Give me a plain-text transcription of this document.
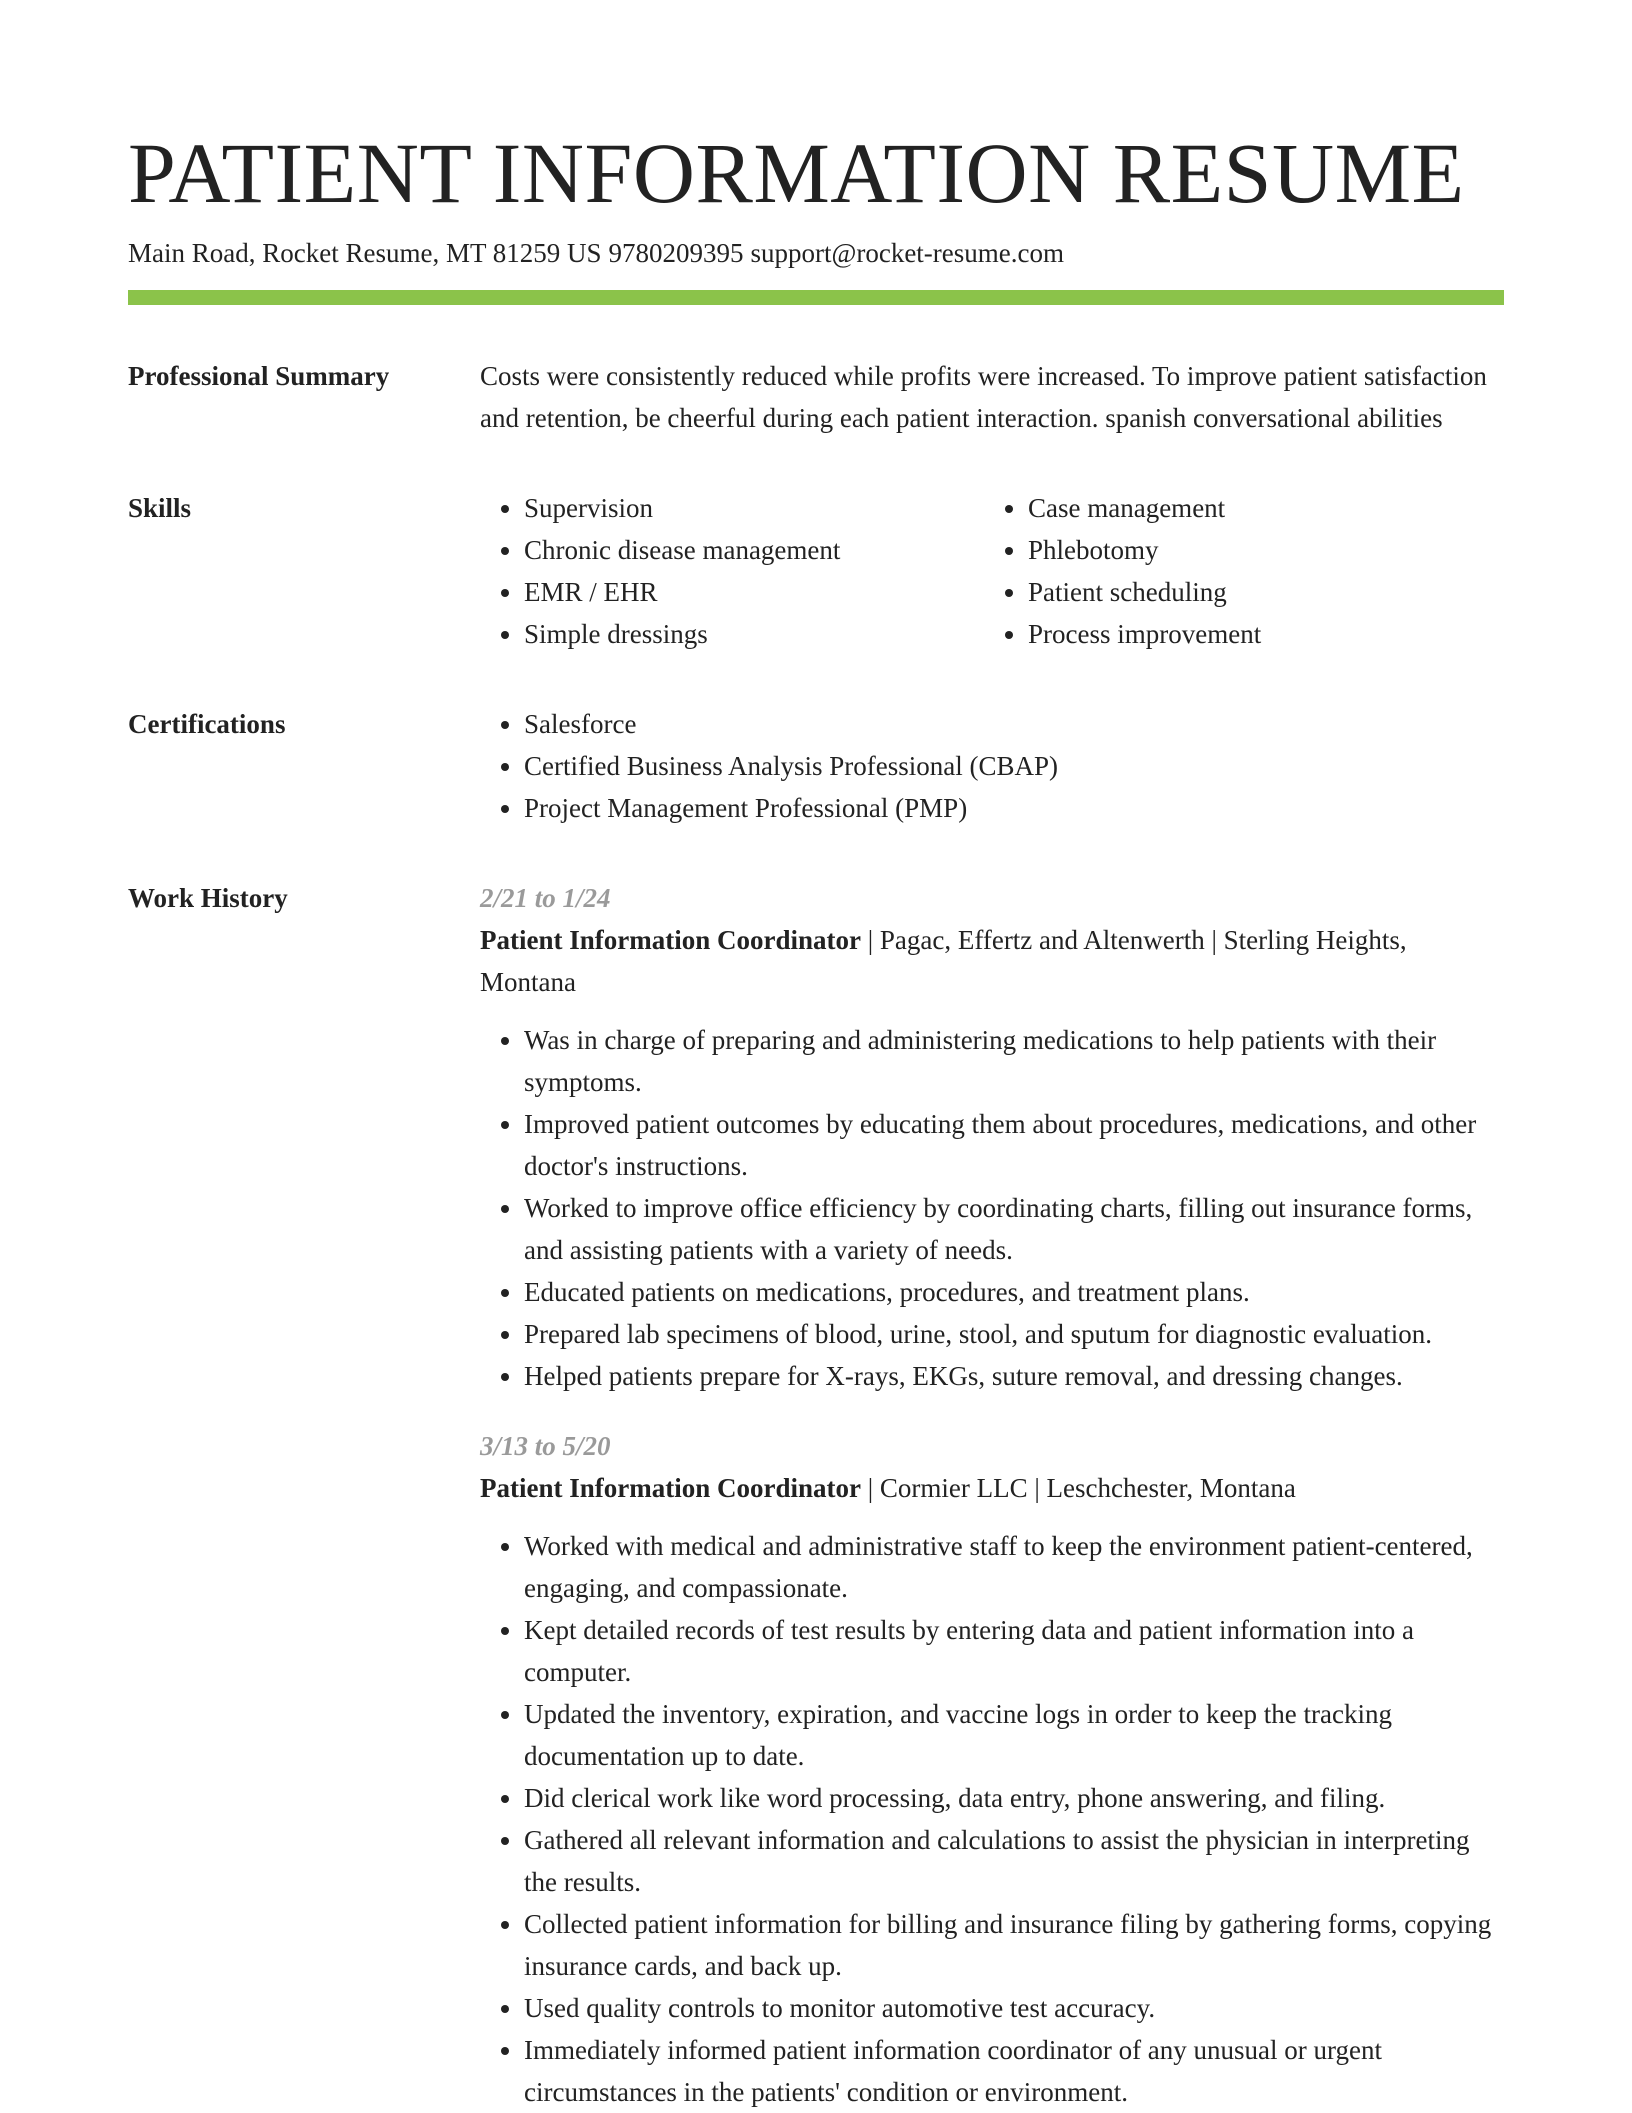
PATIENT INFORMATION RESUME
Main Road, Rocket Resume, MT 81259 US 9780209395 support@rocket-resume.com
Professional Summary	Costs were consistently reduced while profits were increased. To improve patient satisfaction and retention, be cheerful during each patient interaction. spanish conversational abilities

Skills	• Supervision
• Chronic disease management
• EMR / EHR
• Simple dressings
• Case management
• Phlebotomy
• Patient scheduling
• Process improvement
Certifications	• Salesforce
• Certified Business Analysis Professional (CBAP)
• Project Management Professional (PMP)
Work History	2/21 to 1/24
Patient Information Coordinator | Pagac, Effertz and Altenwerth | Sterling Heights, Montana
• Was in charge of preparing and administering medications to help patients with their symptoms.
• Improved patient outcomes by educating them about procedures, medications, and other doctor's instructions.
• Worked to improve office efficiency by coordinating charts, filling out insurance forms, and assisting patients with a variety of needs.
• Educated patients on medications, procedures, and treatment plans.
• Prepared lab specimens of blood, urine, stool, and sputum for diagnostic evaluation.
• Helped patients prepare for X-rays, EKGs, suture removal, and dressing changes.
3/13 to 5/20
Patient Information Coordinator | Cormier LLC | Leschchester, Montana
• Worked with medical and administrative staff to keep the environment patient-centered, engaging, and compassionate.
• Kept detailed records of test results by entering data and patient information into a computer.
• Updated the inventory, expiration, and vaccine logs in order to keep the tracking documentation up to date.
• Did clerical work like word processing, data entry, phone answering, and filing.
• Gathered all relevant information and calculations to assist the physician in interpreting the results.
• Collected patient information for billing and insurance filing by gathering forms, copying insurance cards, and back up.
• Used quality controls to monitor automotive test accuracy.
• Immediately informed patient information coordinator of any unusual or urgent circumstances in the patients' condition or environment.
